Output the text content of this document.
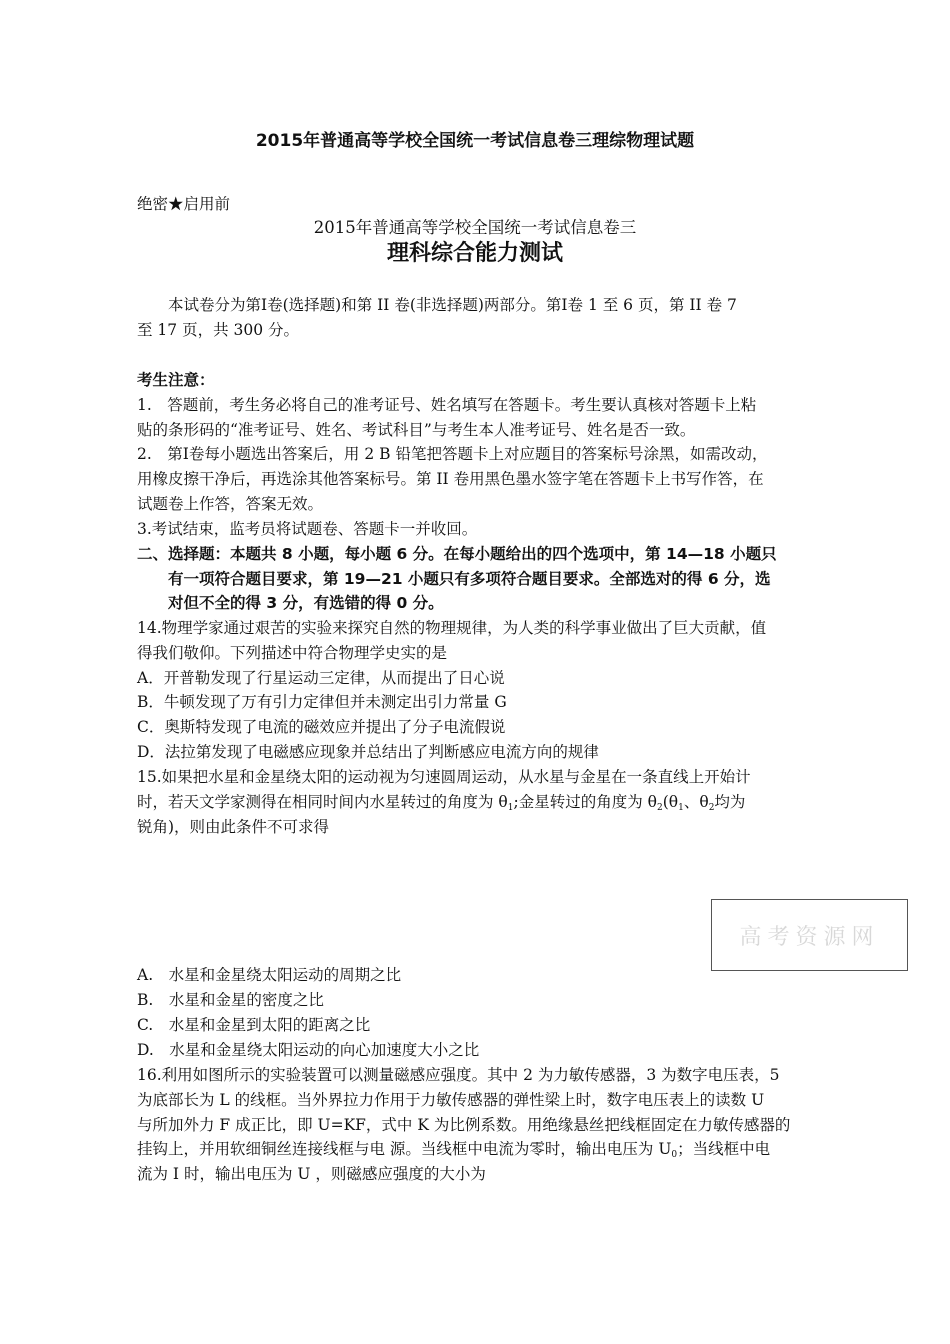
2015年普通高等学校全国统一考试信息卷三理综物理试题
绝密★启用前
2015年普通高等学校全国统一考试信息卷三
理科综合能力测试
本试卷分为第Ⅰ卷(选择题)和第 II 卷(非选择题)两部分。第Ⅰ卷 1 至 6 页，第 II 卷 7
至 17 页，共 300 分。
考生注意：
1.　答题前，考生务必将自己的准考证号、姓名填写在答题卡。考生要认真核对答题卡上粘
贴的条形码的“准考证号、姓名、考试科目”与考生本人准考证号、姓名是否一致。
2.　第Ⅰ卷每小题选出答案后，用 2 B 铅笔把答题卡上对应题目的答案标号涂黑，如需改动，
用橡皮擦干净后，再选涂其他答案标号。第 II 卷用黑色墨水签字笔在答题卡上书写作答，在
试题卷上作答，答案无效。
3.考试结束，监考员将试题卷、答题卡一并收回。
二、选择题：本题共 8 小题，每小题 6 分。在每小题给出的四个选项中，第 14—18 小题只
有一项符合题目要求，第 19—21 小题只有多项符合题目要求。全部选对的得 6 分，选
对但不全的得 3 分，有选错的得 0 分。
14.物理学家通过艰苦的实验来探究自然的物理规律，为人类的科学事业做出了巨大贡献，值
得我们敬仰。下列描述中符合物理学史实的是
A．开普勒发现了行星运动三定律，从而提出了日心说
B．牛顿发现了万有引力定律但并未测定出引力常量 G
C．奥斯特发现了电流的磁效应并提出了分子电流假说
D．法拉第发现了电磁感应现象并总结出了判断感应电流方向的规律
15.如果把水星和金星绕太阳的运动视为匀速圆周运动，从水星与金星在一条直线上开始计
时，若天文学家测得在相同时间内水星转过的角度为 $\theta_1$;金星转过的角度为 $\theta_2(\theta_1$、$\theta_2$均为
锐角)，则由此条件不可求得
高考资源网
A.　水星和金星绕太阳运动的周期之比
B.　水星和金星的密度之比
C.　水星和金星到太阳的距离之比
D.　水星和金星绕太阳运动的向心加速度大小之比
16.利用如图所示的实验装置可以测量磁感应强度。其中 2 为力敏传感器，3 为数字电压表，5
为底部长为 L 的线框。当外界拉力作用于力敏传感器的弹性梁上时，数字电压表上的读数 U
与所加外力 F 成正比，即 U=KF，式中 K 为比例系数。用绝缘悬丝把线框固定在力敏传感器的
挂钩上，并用软细铜丝连接线框与电 源。当线框中电流为零时，输出电压为 $U_0$；当线框中电
流为 I 时，输出电压为 U ，则磁感应强度的大小为
